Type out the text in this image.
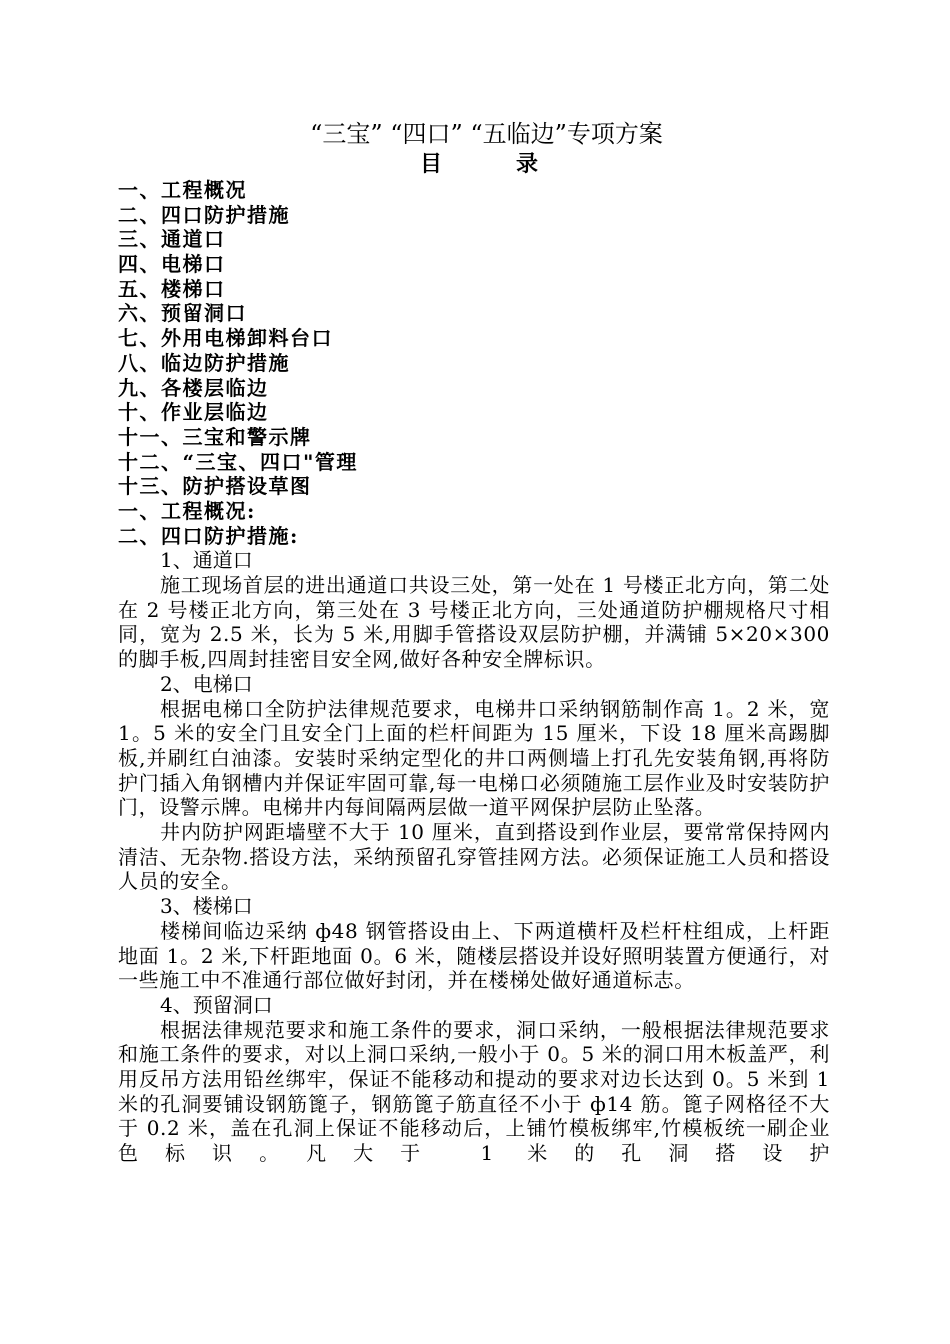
“三宝” “四口” “五临边”专项方案
目	录
一、工程概况
二、四口防护措施
三、通道口
四、电梯口
五、楼梯口
六、预留洞口
七、外用电梯卸料台口
八、临边防护措施
九、各楼层临边
十、作业层临边
十一、三宝和警示牌
十二、“三宝、四口"管理
十三、防护搭设草图
一、工程概况:
二、四口防护措施:
1、通道口

施工现场首层的进出通道口共设三处，第一处在 1 号楼正北方向，第二处在 2 号楼正北方向，第三处在 3 号楼正北方向，三处通道防护棚规格尺寸相同，宽为 2.5 米，长为 5 米,用脚手管搭设双层防护棚，并满铺 5×20×300 的脚手板,四周封挂密目安全网,做好各种安全牌标识。

2、电梯口

根据电梯口全防护法律规范要求，电梯井口采纳钢筋制作高 1。2 米，宽 1。5 米的安全门且安全门上面的栏杆间距为 15 厘米，下设 18 厘米高踢脚板,并刷红白油漆。安装时采纳定型化的井口两侧墙上打孔先安装角钢,再将防护门插入角钢槽内并保证牢固可靠,每一电梯口必须随施工层作业及时安装防护门，设警示牌。电梯井内每间隔两层做一道平网保护层防止坠落。

井内防护网距墙壁不大于 10 厘米，直到搭设到作业层，要常常保持网内清洁、无杂物.搭设方法，采纳预留孔穿管挂网方法。必须保证施工人员和搭设人员的安全。

3、楼梯口

楼梯间临边采纳 ф48 钢管搭设由上、下两道横杆及栏杆柱组成，上杆距地面 1。2 米,下杆距地面 0。6 米，随楼层搭设并设好照明装置方便通行，对一些施工中不准通行部位做好封闭，并在楼梯处做好通道标志。

4、预留洞口

根据法律规范要求和施工条件的要求，洞口采纳，一般根据法律规范要求和施工条件的要求，对以上洞口采纳,一般小于 0。5 米的洞口用木板盖严，利用反吊方法用铅丝绑牢，保证不能移动和提动的要求对边长达到 0。5 米到 1 米的孔洞要铺设钢筋篦子，钢筋篦子筋直径不小于 ф14 筋。篦子网格径不大于 0.2 米，盖在孔洞上保证不能移动后，上铺竹模板绑牢,竹模板统一刷企业色标识。凡大于 1 米的孔洞搭设护
